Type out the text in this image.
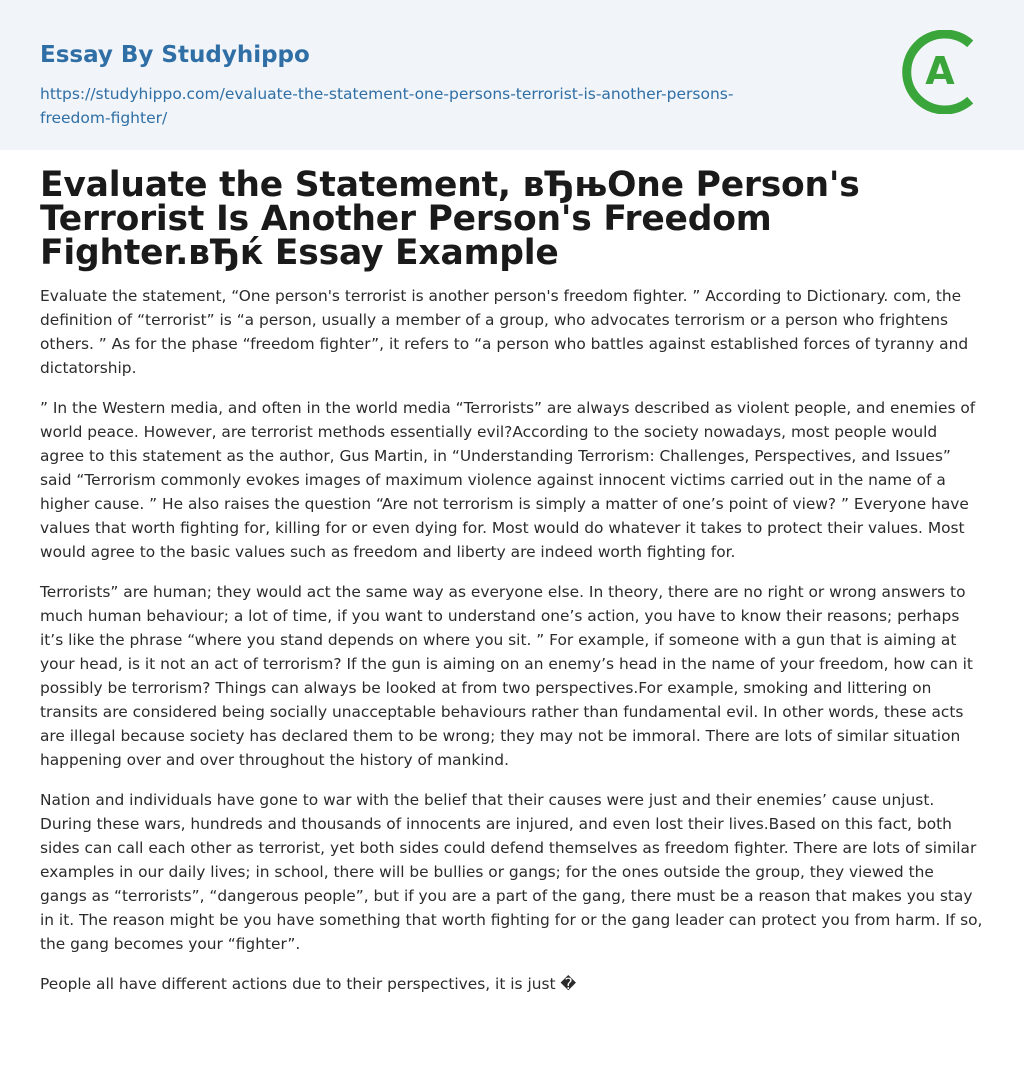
Essay By Studyhippo
https://studyhippo.com/evaluate-the-statement-one-persons-terrorist-is-another-persons-freedom-fighter/
A
Evaluate the Statement, вЂњOne Person's Terrorist Is Another Person's Freedom Fighter.вЂќ Essay Example

Evaluate the statement, “One person's terrorist is another person's freedom fighter. ” According to Dictionary. com, the definition of “terrorist” is “a person, usually a member of a group, who advocates terrorism or a person who frightens others. ” As for the phase “freedom fighter”, it refers to “a person who battles against established forces of tyranny and dictatorship.

” In the Western media, and often in the world media “Terrorists” are always described as violent people, and enemies of world peace. However, are terrorist methods essentially evil?According to the society nowadays, most people would agree to this statement as the author, Gus Martin, in “Understanding Terrorism: Challenges, Perspectives, and Issues” said “Terrorism commonly evokes images of maximum violence against innocent victims carried out in the name of a higher cause. ” He also raises the question “Are not terrorism is simply a matter of one’s point of view? ” Everyone have values that worth fighting for, killing for or even dying for. Most would do whatever it takes to protect their values. Most would agree to the basic values such as freedom and liberty are indeed worth fighting for.

Terrorists” are human; they would act the same way as everyone else. In theory, there are no right or wrong answers to much human behaviour; a lot of time, if you want to understand one’s action, you have to know their reasons; perhaps it’s like the phrase “where you stand depends on where you sit. ” For example, if someone with a gun that is aiming at your head, is it not an act of terrorism? If the gun is aiming on an enemy’s head in the name of your freedom, how can it possibly be terrorism? Things can always be looked at from two perspectives.For example, smoking and littering on transits are considered being socially unacceptable behaviours rather than fundamental evil. In other words, these acts are illegal because society has declared them to be wrong; they may not be immoral. There are lots of similar situation happening over and over throughout the history of mankind.

Nation and individuals have gone to war with the belief that their causes were just and their enemies’ cause unjust. During these wars, hundreds and thousands of innocents are injured, and even lost their lives.Based on this fact, both sides can call each other as terrorist, yet both sides could defend themselves as freedom fighter. There are lots of similar examples in our daily lives; in school, there will be bullies or gangs; for the ones outside the group, they viewed the gangs as “terrorists”, “dangerous people”, but if you are a part of the gang, there must be a reason that makes you stay in it. The reason might be you have something that worth fighting for or the gang leader can protect you from harm. If so, the gang becomes your “fighter”.

People all have different actions due to their perspectives, it is just �
